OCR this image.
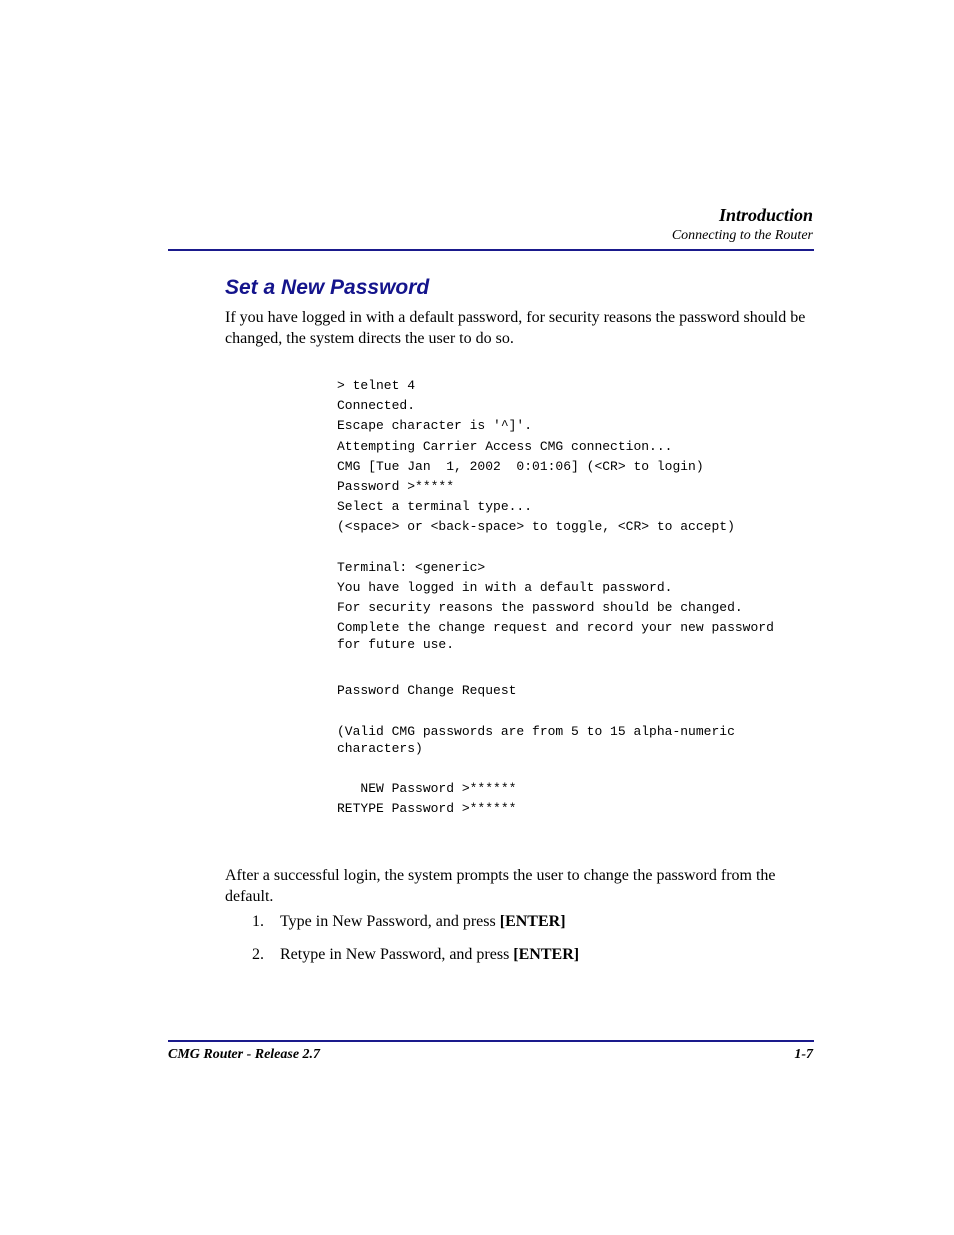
Introduction
Connecting to the Router
Set a New Password

If you have logged in with a default password, for security reasons the password should be changed, the system directs the user to do so.

> telnet 4
Connected.
Escape character is '^]'.
Attempting Carrier Access CMG connection...
CMG [Tue Jan  1, 2002  0:01:06] (<CR> to login)
Password >*****
Select a terminal type...
(<space> or <back-space> to toggle, <CR> to accept)
Terminal: <generic>
You have logged in with a default password.
For security reasons the password should be changed.
Complete the change request and record your new password
for future use.
Password Change Request
(Valid CMG passwords are from 5 to 15 alpha-numeric
characters)
NEW Password >******
RETYPE Password >******

After a successful login, the system prompts the user to change the password from the default.

1. Type in New Password, and press [ENTER]
2. Retype in New Password, and press [ENTER]
CMG Router - Release 2.7	1-7
